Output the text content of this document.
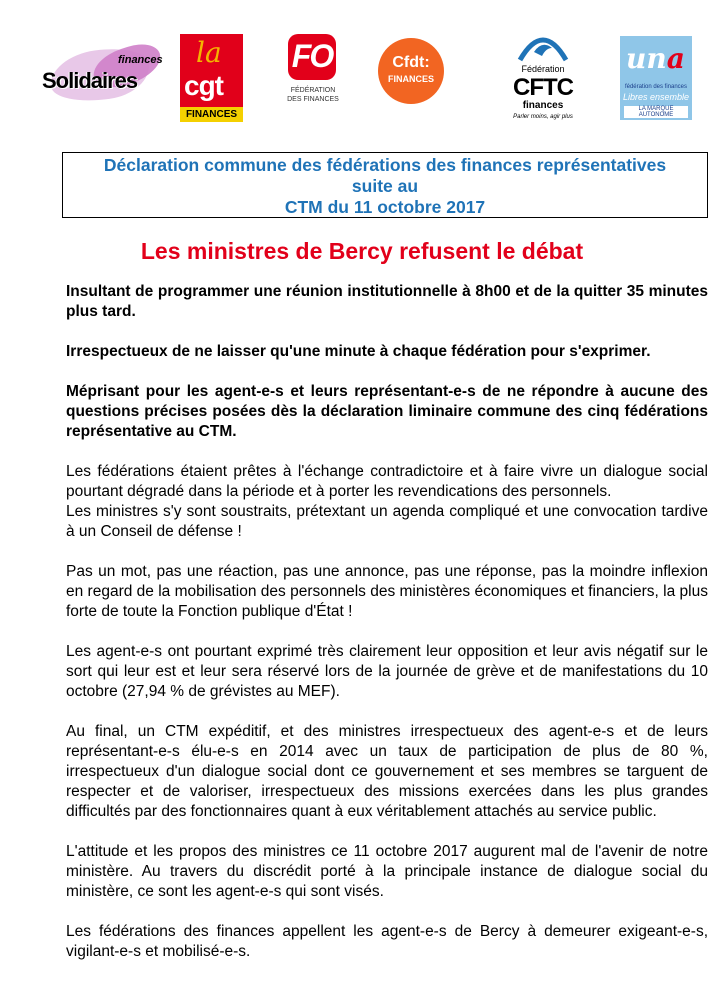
finances
Solidaires
la
cgt
FINANCES
FO
FÉDÉRATION
DES FINANCES
Cfdt:
FINANCES
Fédération
CFTC
finances
Parler moins, agir plus
una
fédération des finances
Libres ensemble
LA MARQUE AUTONOME
Déclaration commune des fédérations des finances représentatives
suite au
CTM du 11 octobre 2017
Les ministres de Bercy refusent le débat

Insultant de programmer une réunion institutionnelle à 8h00 et de la quitter 35 minutes plus tard.

Irrespectueux de ne laisser qu'une minute à chaque fédération pour s'exprimer.

Méprisant pour les agent-e-s et leurs représentant-e-s de ne répondre à aucune des questions précises posées dès la déclaration liminaire commune des cinq fédérations représentative au CTM.

Les fédérations étaient prêtes à l'échange contradictoire et à faire vivre un dialogue social pourtant dégradé dans la période et à porter les revendications des personnels.

Les ministres s'y sont soustraits, prétextant un agenda compliqué et une convocation tardive à un Conseil de défense !

Pas un mot, pas une réaction, pas une annonce, pas une réponse, pas la moindre inflexion en regard de la mobilisation des personnels des ministères économiques et financiers, la plus forte de toute la Fonction publique d'État !

Les agent-e-s ont pourtant exprimé très clairement leur opposition et leur avis négatif sur le sort qui leur est et leur sera réservé lors de la journée de grève et de manifestations du 10 octobre (27,94 % de grévistes au MEF).

Au final, un CTM expéditif, et des ministres irrespectueux des agent-e-s et de leurs représentant-e-s élu-e-s en 2014 avec un taux de participation de plus de 80 %, irrespectueux d'un dialogue social dont ce gouvernement et ses membres se targuent de respecter et de valoriser, irrespectueux des missions exercées dans les plus grandes difficultés par des fonctionnaires quant à eux véritablement attachés au service public.

L'attitude et les propos des ministres ce 11 octobre 2017 augurent mal de l'avenir de notre ministère. Au travers du discrédit porté à la principale instance de dialogue social du ministère, ce sont les agent-e-s qui sont visés.

Les fédérations des finances appellent les agent-e-s de Bercy à demeurer exigeant-e-s, vigilant-e-s et mobilisé-e-s.
